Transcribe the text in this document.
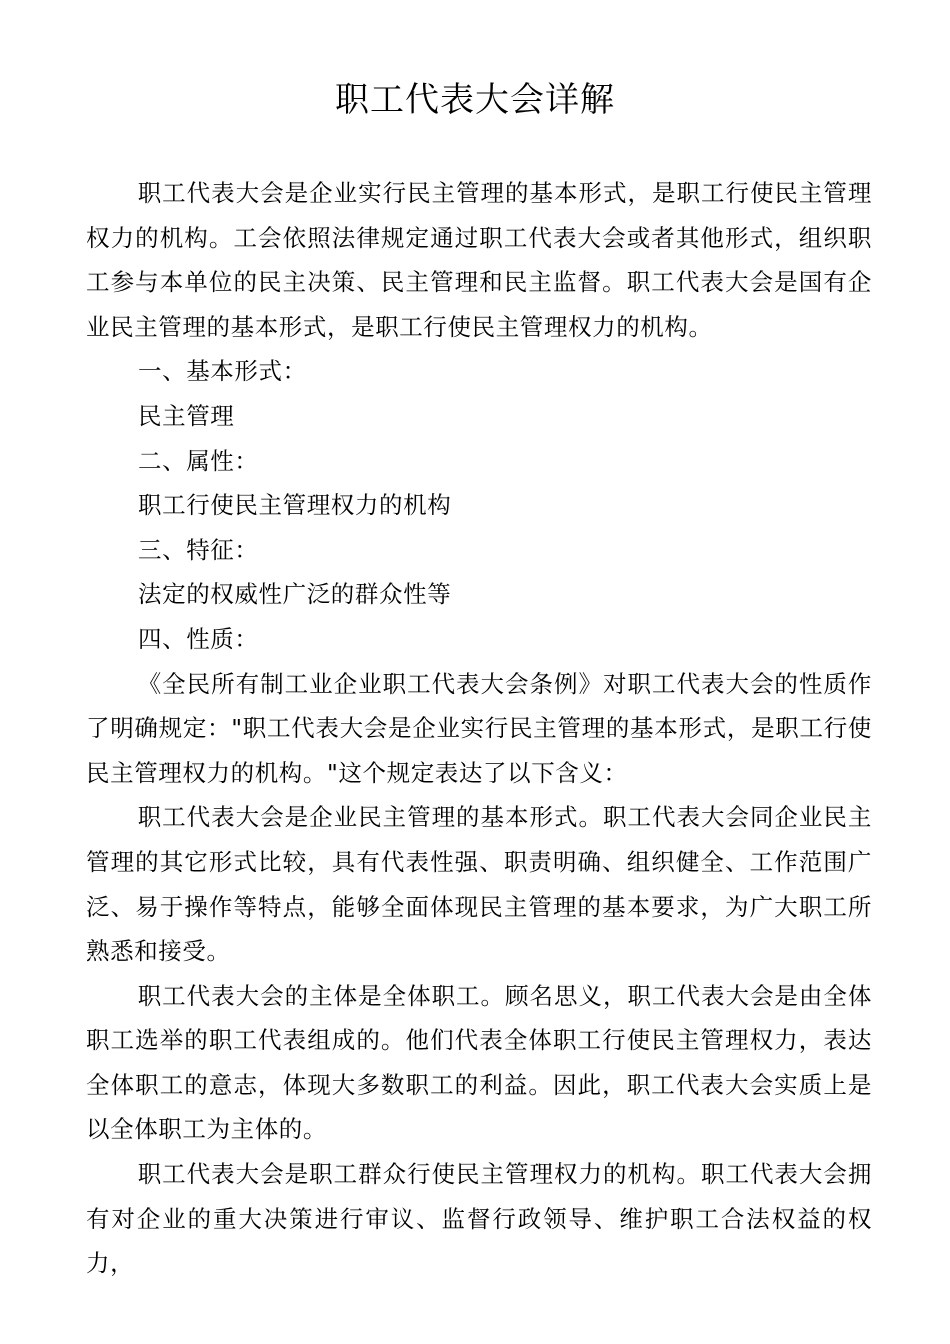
职工代表大会详解

职工代表大会是企业实行民主管理的基本形式，是职工行使民主管理权力的机构。工会依照法律规定通过职工代表大会或者其他形式，组织职工参与本单位的民主决策、民主管理和民主监督。职工代表大会是国有企业民主管理的基本形式，是职工行使民主管理权力的机构。

一、基本形式：

民主管理

二、属性：

职工行使民主管理权力的机构

三、特征：

法定的权威性广泛的群众性等

四、性质：

《全民所有制工业企业职工代表大会条例》对职工代表大会的性质作了明确规定："职工代表大会是企业实行民主管理的基本形式，是职工行使民主管理权力的机构。"这个规定表达了以下含义：

职工代表大会是企业民主管理的基本形式。职工代表大会同企业民主管理的其它形式比较，具有代表性强、职责明确、组织健全、工作范围广泛、易于操作等特点，能够全面体现民主管理的基本要求，为广大职工所熟悉和接受。

职工代表大会的主体是全体职工。顾名思义，职工代表大会是由全体职工选举的职工代表组成的。他们代表全体职工行使民主管理权力，表达全体职工的意志，体现大多数职工的利益。因此，职工代表大会实质上是以全体职工为主体的。

职工代表大会是职工群众行使民主管理权力的机构。职工代表大会拥有对企业的重大决策进行审议、监督行政领导、维护职工合法权益的权力，
